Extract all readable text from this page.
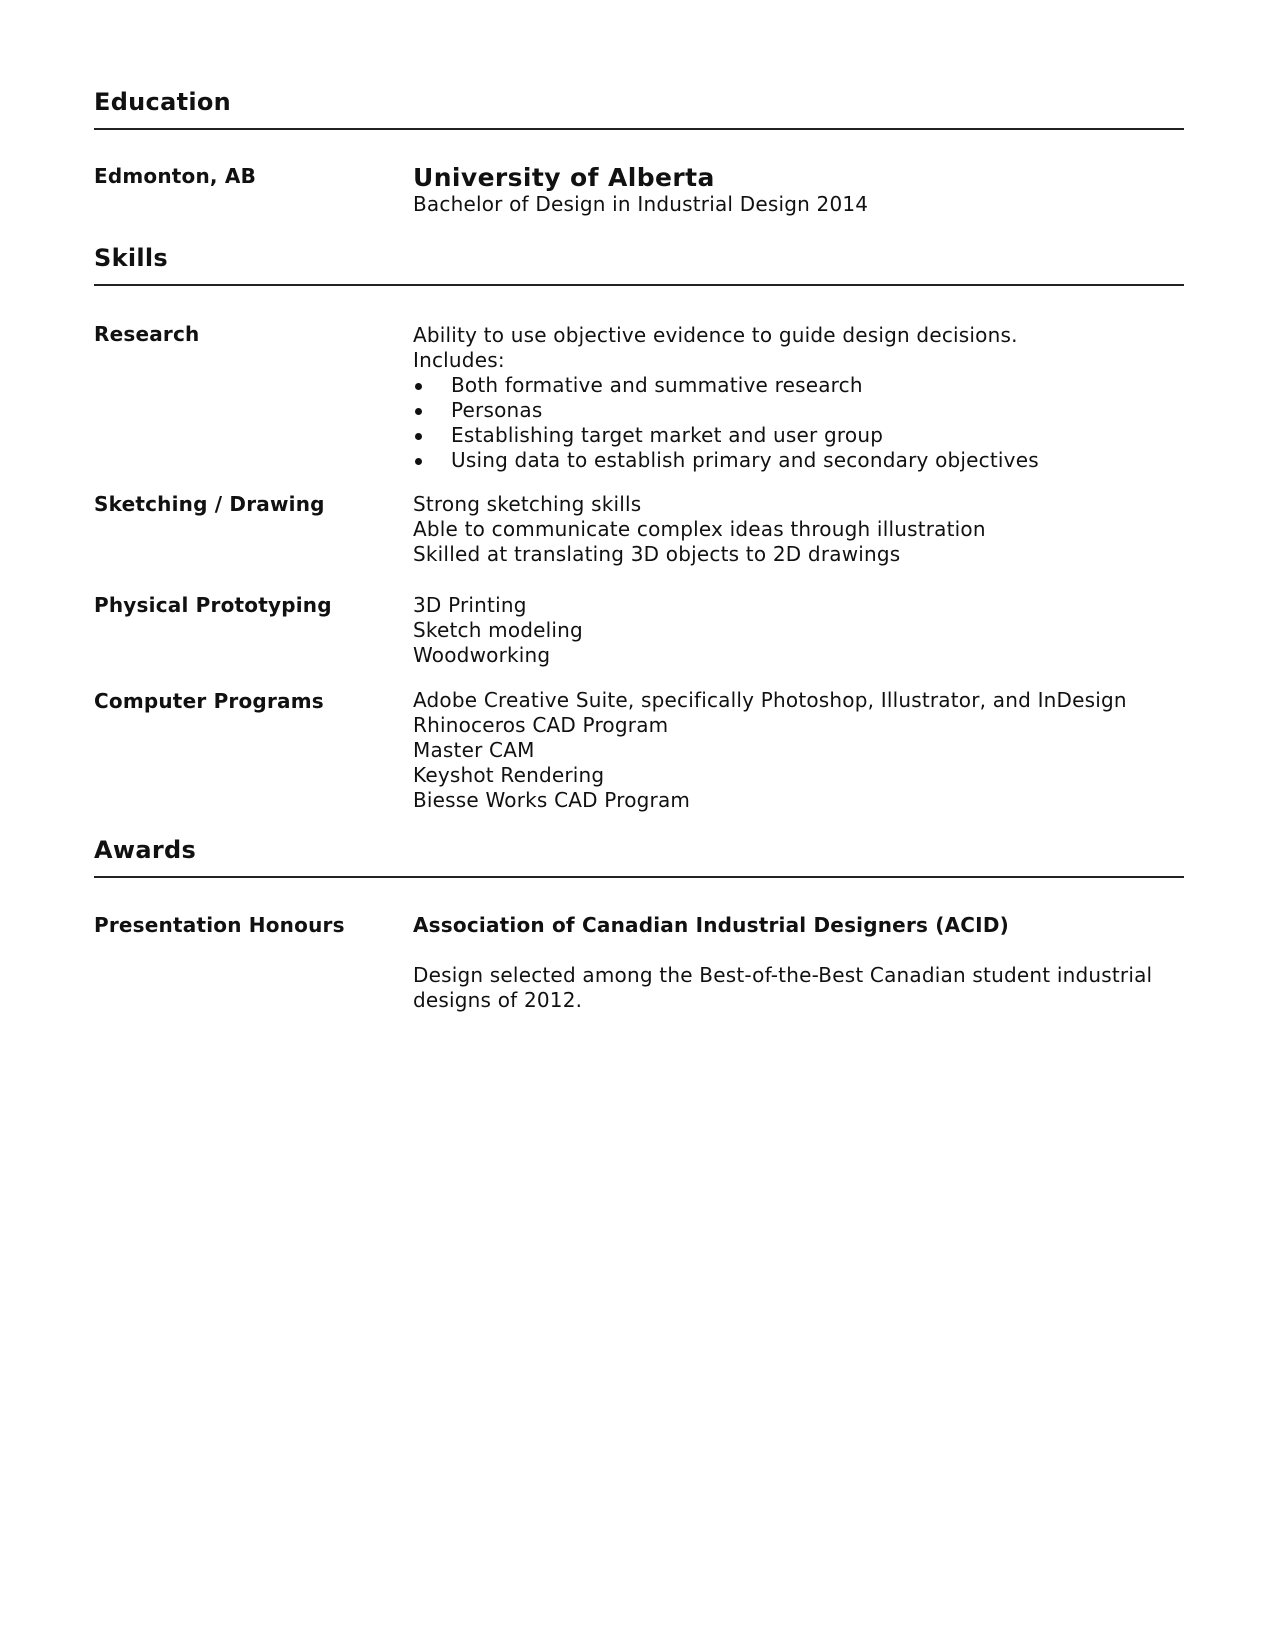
Education
Edmonton, AB	University of Alberta
Bachelor of Design in Industrial Design 2014
Skills
Research	Ability to use objective evidence to guide design decisions.
Includes:
Both formative and summative research
Personas
Establishing target market and user group
Using data to establish primary and secondary objectives
Sketching / Drawing	Strong sketching skills
Able to communicate complex ideas through illustration
Skilled at translating 3D objects to 2D drawings
Physical Prototyping	3D Printing
Sketch modeling
Woodworking
Computer Programs	Adobe Creative Suite, specifically Photoshop, Illustrator, and InDesign
Rhinoceros CAD Program
Master CAM
Keyshot Rendering
Biesse Works CAD Program
Awards
Presentation Honours	Association of Canadian Industrial Designers (ACID)
Design selected among the Best-of-the-Best Canadian student industrial designs of 2012.
